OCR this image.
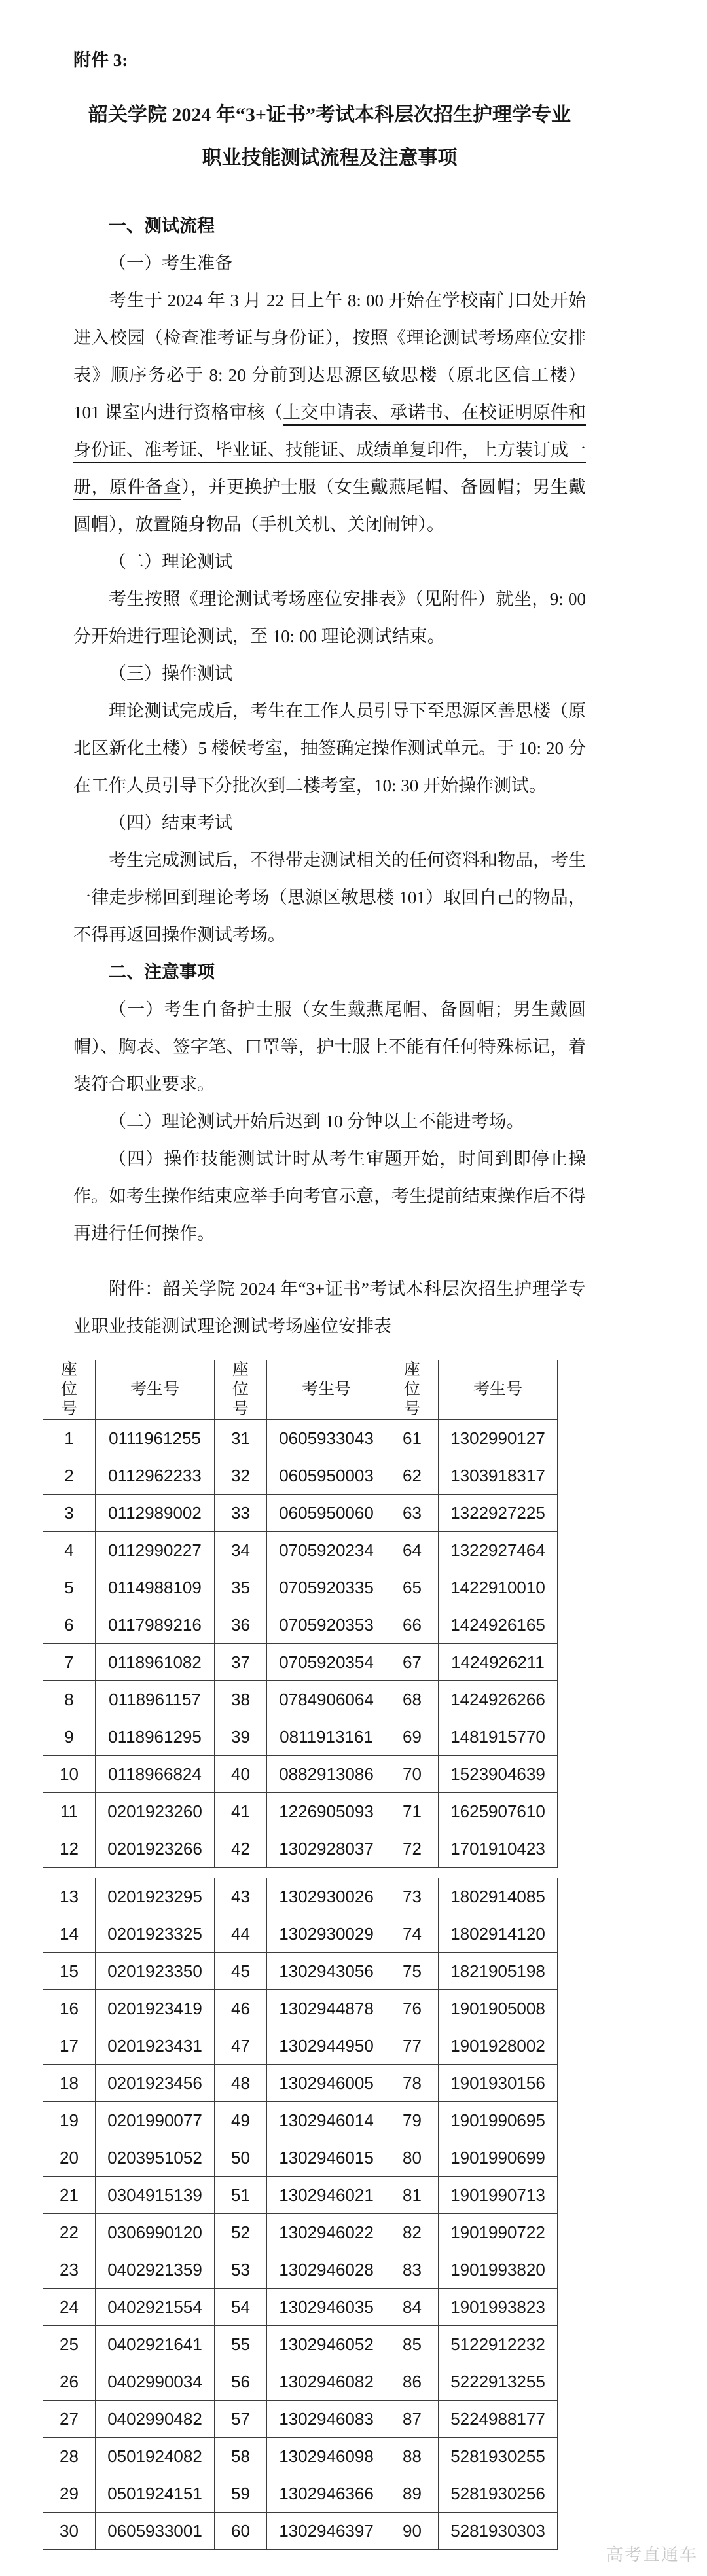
附件 3:

韶关学院 2024 年“3+证书”考试本科层次招生护理学专业
职业技能测试流程及注意事项
一、测试流程

（一）考生准备

考生于 2024 年 3 月 22 日上午 8: 00 开始在学校南门口处开始进入校园（检查准考证与身份证），按照《理论测试考场座位安排表》顺序务必于 8: 20 分前到达思源区敏思楼（原北区信工楼）101 课室内进行资格审核（上交申请表、承诺书、在校证明原件和身份证、准考证、毕业证、技能证、成绩单复印件，上方装订成一册，原件备查），并更换护士服（女生戴燕尾帽、备圆帽；男生戴圆帽），放置随身物品（手机关机、关闭闹钟）。

（二）理论测试

考生按照《理论测试考场座位安排表》（见附件）就坐，9: 00 分开始进行理论测试，至 10: 00 理论测试结束。

（三）操作测试

理论测试完成后，考生在工作人员引导下至思源区善思楼（原北区新化土楼）5 楼候考室，抽签确定操作测试单元。于 10: 20 分在工作人员引导下分批次到二楼考室，10: 30 开始操作测试。

（四）结束考试

考生完成测试后，不得带走测试相关的任何资料和物品，考生一律走步梯回到理论考场（思源区敏思楼 101）取回自己的物品，不得再返回操作测试考场。

二、注意事项

（一）考生自备护士服（女生戴燕尾帽、备圆帽；男生戴圆帽）、胸表、签字笔、口罩等，护士服上不能有任何特殊标记，着装符合职业要求。

（二）理论测试开始后迟到 10 分钟以上不能进考场。

（四）操作技能测试计时从考生审题开始，时间到即停止操作。如考生操作结束应举手向考官示意，考生提前结束操作后不得再进行任何操作。

附件：韶关学院 2024 年“3+证书”考试本科层次招生护理学专业职业技能测试理论测试考场座位安排表

座位号	考生号	座位号	考生号	座位号	考生号
1	0111961255	31	0605933043	61	1302990127
2	0112962233	32	0605950003	62	1303918317
3	0112989002	33	0605950060	63	1322927225
4	0112990227	34	0705920234	64	1322927464
5	0114988109	35	0705920335	65	1422910010
6	0117989216	36	0705920353	66	1424926165
7	0118961082	37	0705920354	67	1424926211
8	0118961157	38	0784906064	68	1424926266
9	0118961295	39	0811913161	69	1481915770
10	0118966824	40	0882913086	70	1523904639
11	0201923260	41	1226905093	71	1625907610
12	0201923266	42	1302928037	72	1701910423
13	0201923295	43	1302930026	73	1802914085
14	0201923325	44	1302930029	74	1802914120
15	0201923350	45	1302943056	75	1821905198
16	0201923419	46	1302944878	76	1901905008
17	0201923431	47	1302944950	77	1901928002
18	0201923456	48	1302946005	78	1901930156
19	0201990077	49	1302946014	79	1901990695
20	0203951052	50	1302946015	80	1901990699
21	0304915139	51	1302946021	81	1901990713
22	0306990120	52	1302946022	82	1901990722
23	0402921359	53	1302946028	83	1901993820
24	0402921554	54	1302946035	84	1901993823
25	0402921641	55	1302946052	85	5122912232
26	0402990034	56	1302946082	86	5222913255
27	0402990482	57	1302946083	87	5224988177
28	0501924082	58	1302946098	88	5281930255
29	0501924151	59	1302946366	89	5281930256
30	0605933001	60	1302946397	90	5281930303
高考直通车
